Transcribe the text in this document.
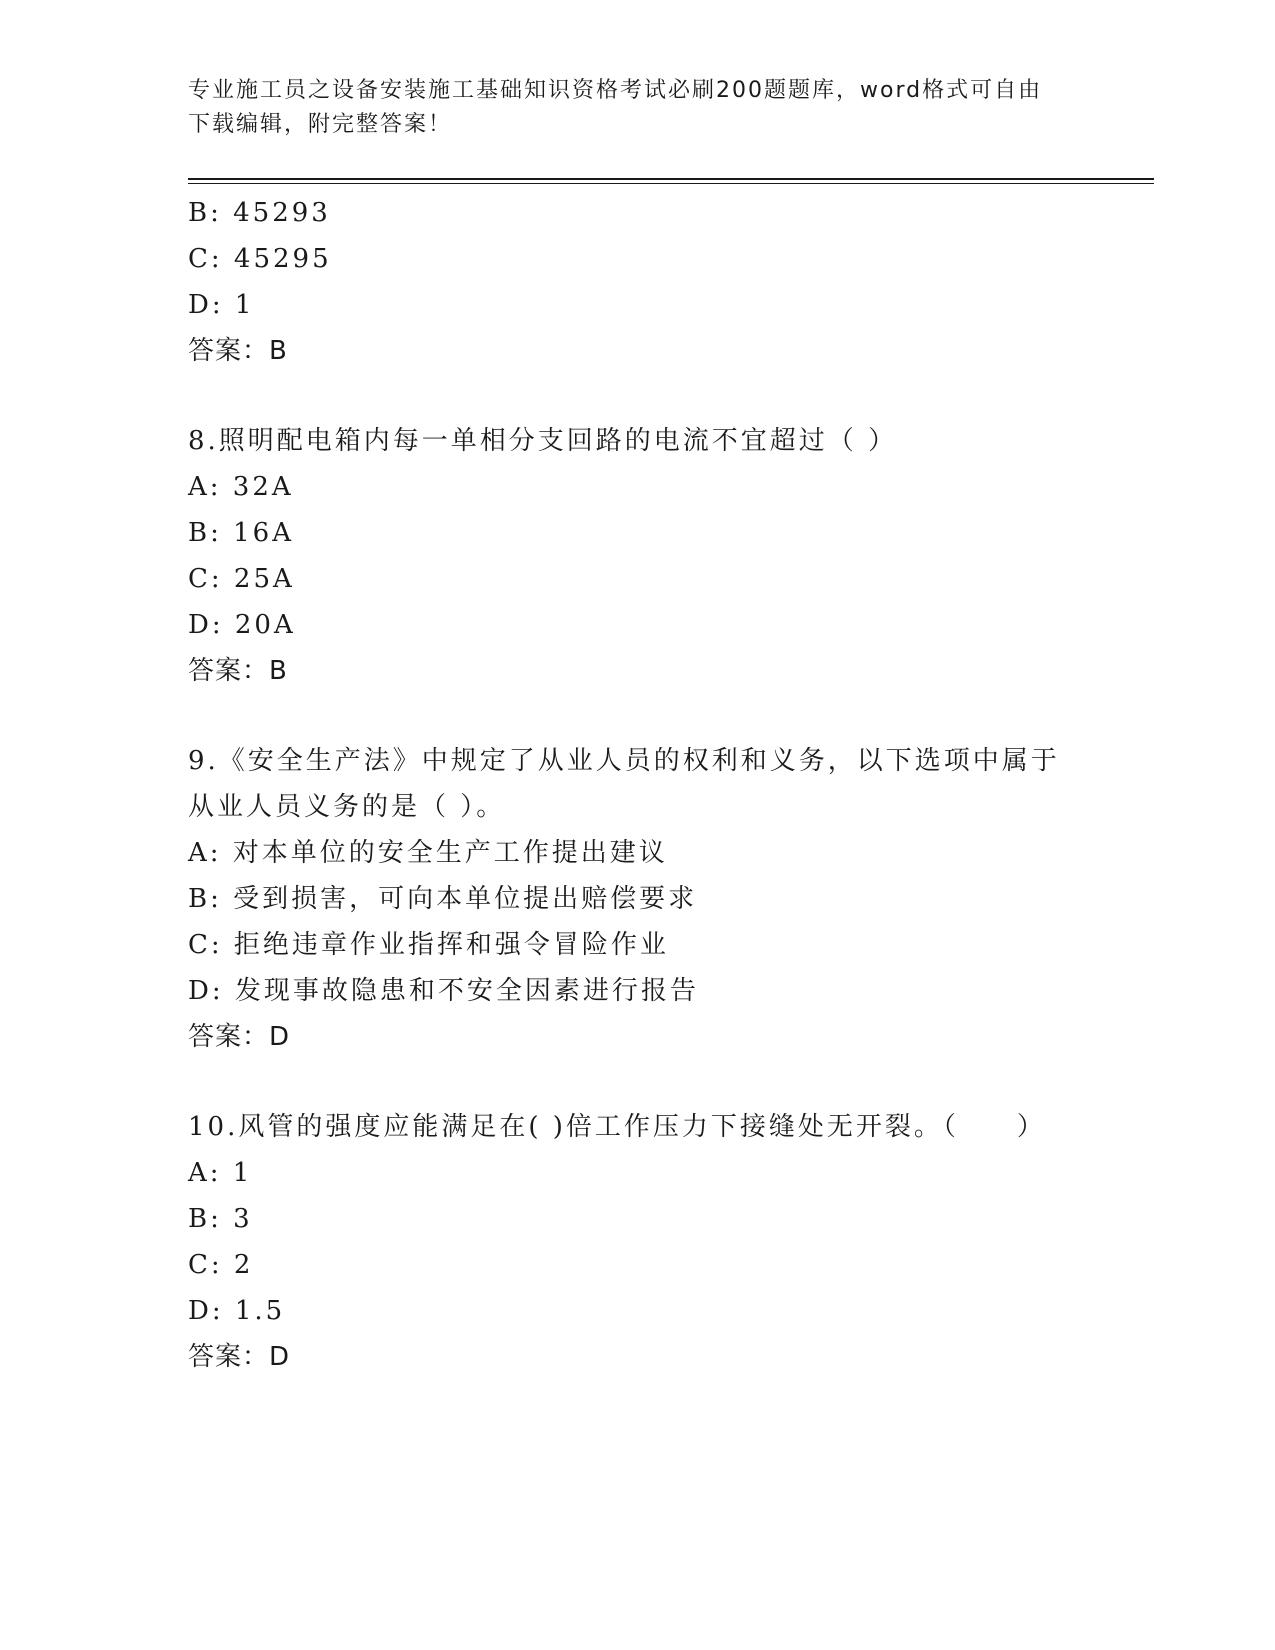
专业施工员之设备安装施工基础知识资格考试必刷200题题库，word格式可自由
下载编辑，附完整答案！
B: 45293
C: 45295
D: 1
答案：B
8.照明配电箱内每一单相分支回路的电流不宜超过（ ）
A: 32A
B: 16A
C: 25A
D: 20A
答案：B
9.《安全生产法》中规定了从业人员的权利和义务，以下选项中属于
从业人员义务的是（ ）。
A: 对本单位的安全生产工作提出建议
B: 受到损害，可向本单位提出赔偿要求
C: 拒绝违章作业指挥和强令冒险作业
D: 发现事故隐患和不安全因素进行报告
答案：D
10.风管的强度应能满足在( )倍工作压力下接缝处无开裂。（　　）
A: 1
B: 3
C: 2
D: 1.5
答案：D
